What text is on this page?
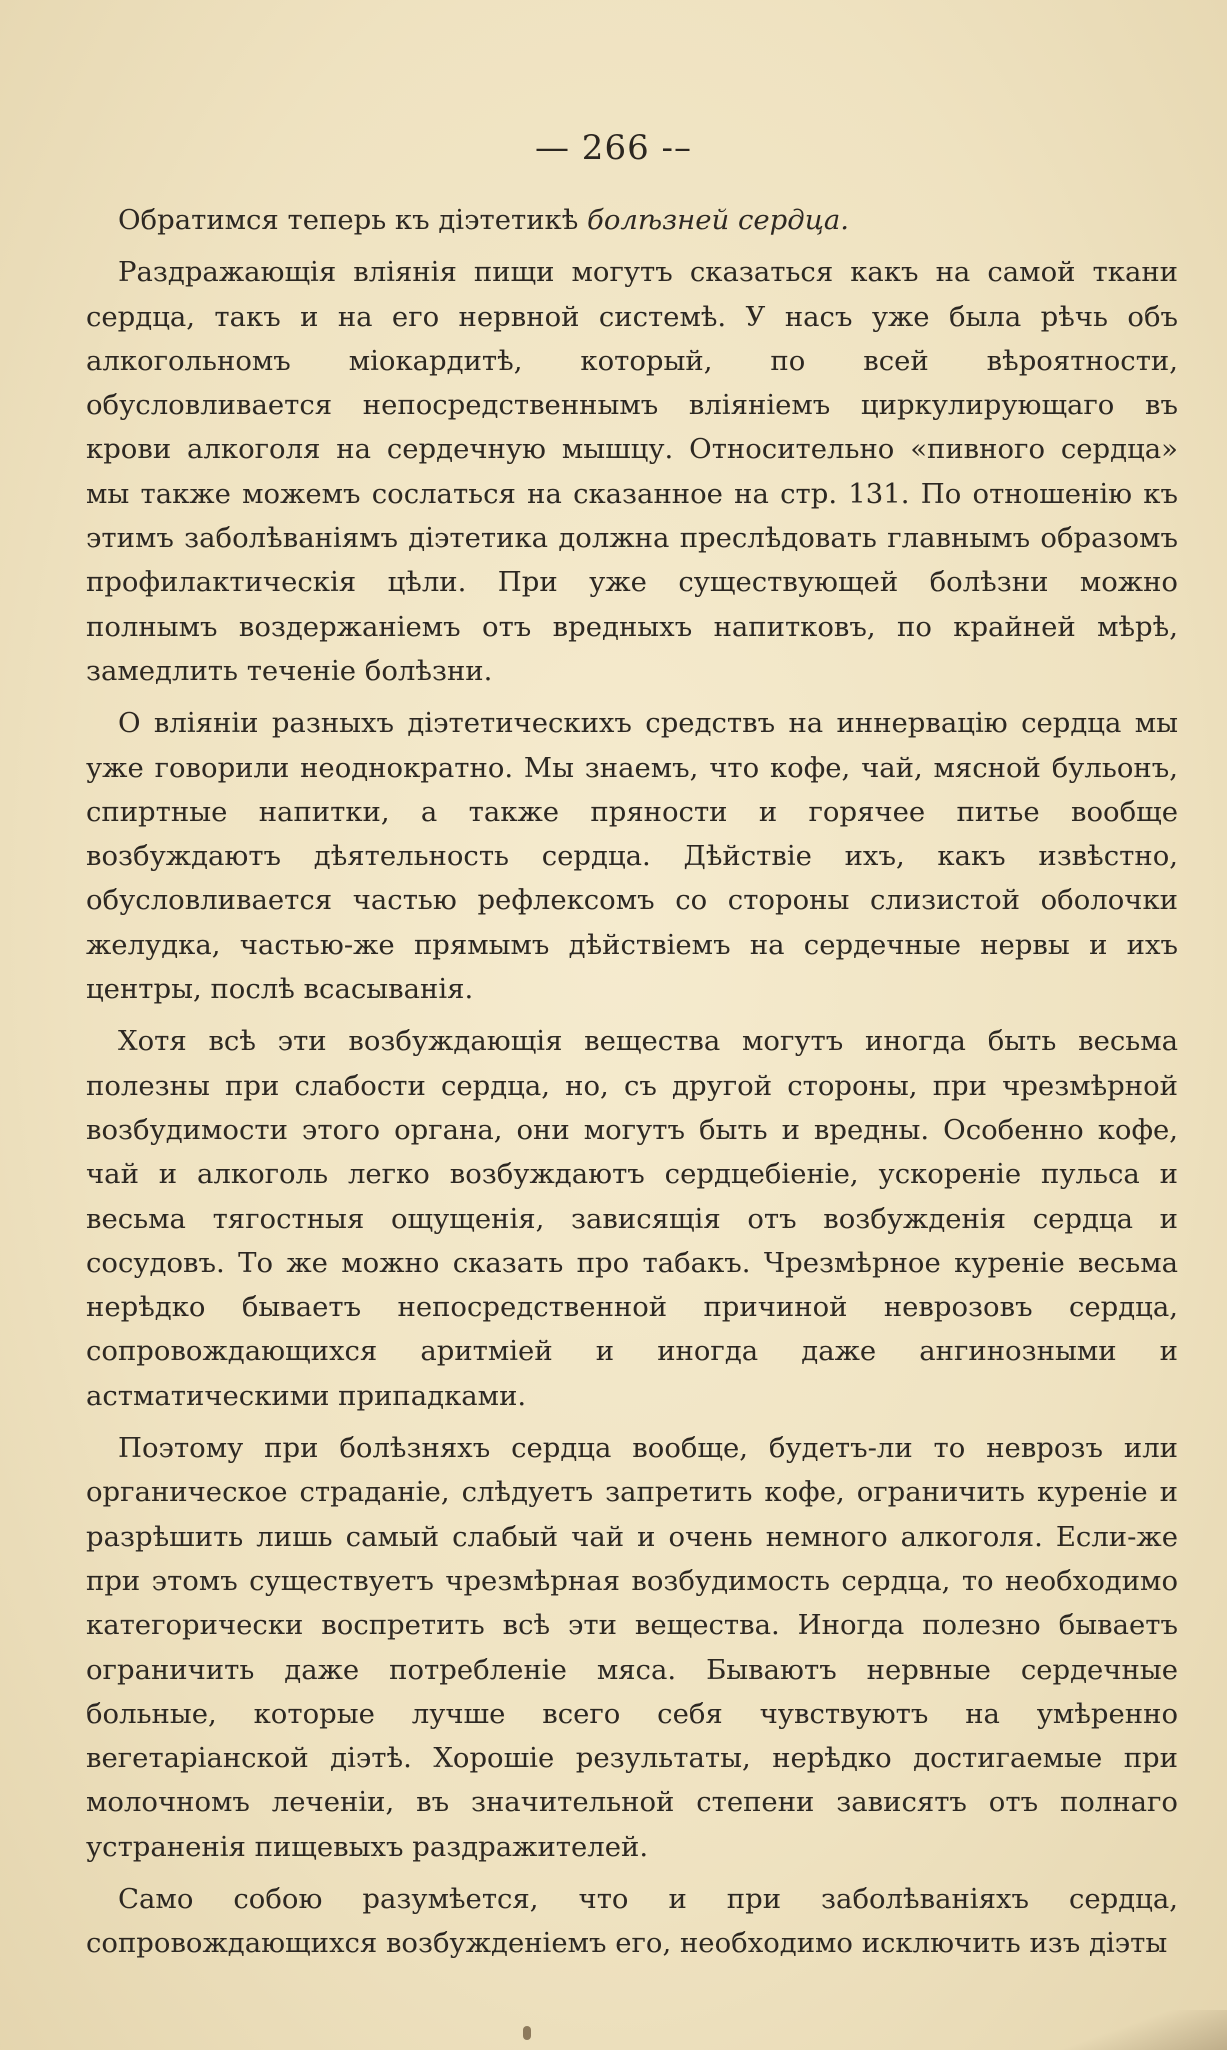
— 266 -–

Обратимся теперь къ діэтетикѣ болѣзней сердца.

Раздражающія вліянія пищи могутъ сказаться какъ на самой ткани сердца, такъ и на его нервной системѣ. У насъ уже была рѣчь объ алкогольномъ міокардитѣ, который, по всей вѣроятности, обусловливается непосредственнымъ вліяніемъ циркулирующаго въ крови алкоголя на сердечную мышцу. Относительно «пивного сердца» мы также можемъ сослаться на сказанное на стр. 131. По отношенію къ этимъ заболѣваніямъ діэтетика должна преслѣдовать главнымъ образомъ профилактическія цѣли. При уже существующей болѣзни можно полнымъ воздержаніемъ отъ вредныхъ напитковъ, по крайней мѣрѣ, замедлить теченіе болѣзни.

О вліяніи разныхъ діэтетическихъ средствъ на иннервацію сердца мы уже говорили неоднократно. Мы знаемъ, что кофе, чай, мясной бульонъ, спиртные напитки, а также пряности и горячее питье вообще возбуждаютъ дѣятельность сердца. Дѣйствіе ихъ, какъ извѣстно, обусловливается частью рефлексомъ со стороны слизистой оболочки желудка, частью-же прямымъ дѣйствіемъ на сердечные нервы и ихъ центры, послѣ всасыванія.

Хотя всѣ эти возбуждающія вещества могутъ иногда быть весьма полезны при слабости сердца, но, съ другой стороны, при чрезмѣрной возбудимости этого органа, они могутъ быть и вредны. Особенно кофе, чай и алкоголь легко возбуждаютъ сердцебіеніе, ускореніе пульса и весьма тягостныя ощущенія, зависящія отъ возбужденія сердца и сосудовъ. То же можно сказать про табакъ. Чрезмѣрное куреніе весьма нерѣдко бываетъ непосредственной причиной неврозовъ сердца, сопровождающихся аритміей и иногда даже ангинозными и астматическими припадками.

Поэтому при болѣзняхъ сердца вообще, будетъ-ли то неврозъ или органическое страданіе, слѣдуетъ запретить кофе, ограничить куреніе и разрѣшить лишь самый слабый чай и очень немного алкоголя. Если-же при этомъ существуетъ чрезмѣрная возбудимость сердца, то необходимо категорически воспретить всѣ эти вещества. Иногда полезно бываетъ ограничить даже потребленіе мяса. Бываютъ нервные сердечные больные, которые лучше всего себя чувствуютъ на умѣренно вегетаріанской діэтѣ. Хорошіе результаты, нерѣдко достигаемые при молочномъ леченіи, въ значительной степени зависятъ отъ полнаго устраненія пищевыхъ раздражителей.

Само собою разумѣется, что и при заболѣваніяхъ сердца, сопровождающихся возбужденіемъ его, необходимо исключить изъ діэты
